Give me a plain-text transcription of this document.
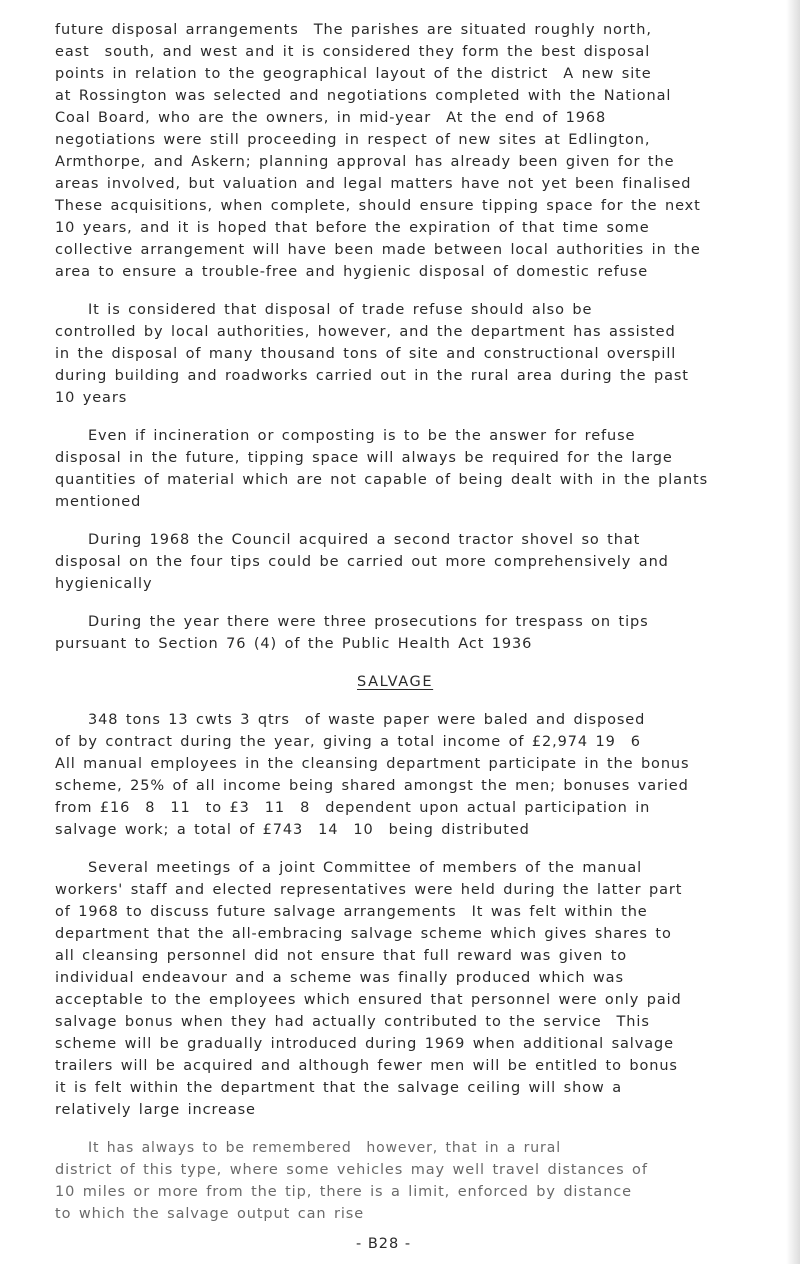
future disposal arrangements  The parishes are situated roughly north,

east  south, and west and it is considered they form the best disposal

points in relation to the geographical layout of the district  A new site

at Rossington was selected and negotiations completed with the National

Coal Board, who are the owners, in mid-year  At the end of 1968

negotiations were still proceeding in respect of new sites at Edlington,

Armthorpe, and Askern; planning approval has already been given for the

areas involved, but valuation and legal matters have not yet been finalised

These acquisitions, when complete, should ensure tipping space for the next

10 years, and it is hoped that before the expiration of that time some

collective arrangement will have been made between local authorities in the

area to ensure a trouble-free and hygienic disposal of domestic refuse

It is considered that disposal of trade refuse should also be

controlled by local authorities, however, and the department has assisted

in the disposal of many thousand tons of site and constructional overspill

during building and roadworks carried out in the rural area during the past

10 years

Even if incineration or composting is to be the answer for refuse

disposal in the future, tipping space will always be required for the large

quantities of material which are not capable of being dealt with in the plants

mentioned

During 1968 the Council acquired a second tractor shovel so that

disposal on the four tips could be carried out more comprehensively and

hygienically

During the year there were three prosecutions for trespass on tips

pursuant to Section 76 (4) of the Public Health Act 1936

SALVAGE

348 tons 13 cwts 3 qtrs  of waste paper were baled and disposed

of by contract during the year, giving a total income of £2,974 19  6

All manual employees in the cleansing department participate in the bonus

scheme, 25% of all income being shared amongst the men; bonuses varied

from £16  8  11  to £3  11  8  dependent upon actual participation in

salvage work; a total of £743  14  10  being distributed

Several meetings of a joint Committee of members of the manual

workers' staff and elected representatives were held during the latter part

of 1968 to discuss future salvage arrangements  It was felt within the

department that the all-embracing salvage scheme which gives shares to

all cleansing personnel did not ensure that full reward was given to

individual endeavour and a scheme was finally produced which was

acceptable to the employees which ensured that personnel were only paid

salvage bonus when they had actually contributed to the service  This

scheme will be gradually introduced during 1969 when additional salvage

trailers will be acquired and although fewer men will be entitled to bonus

it is felt within the department that the salvage ceiling will show a

relatively large increase

It has always to be remembered  however, that in a rural

district of this type, where some vehicles may well travel distances of

10 miles or more from the tip, there is a limit, enforced by distance

to which the salvage output can rise

- B28 -
